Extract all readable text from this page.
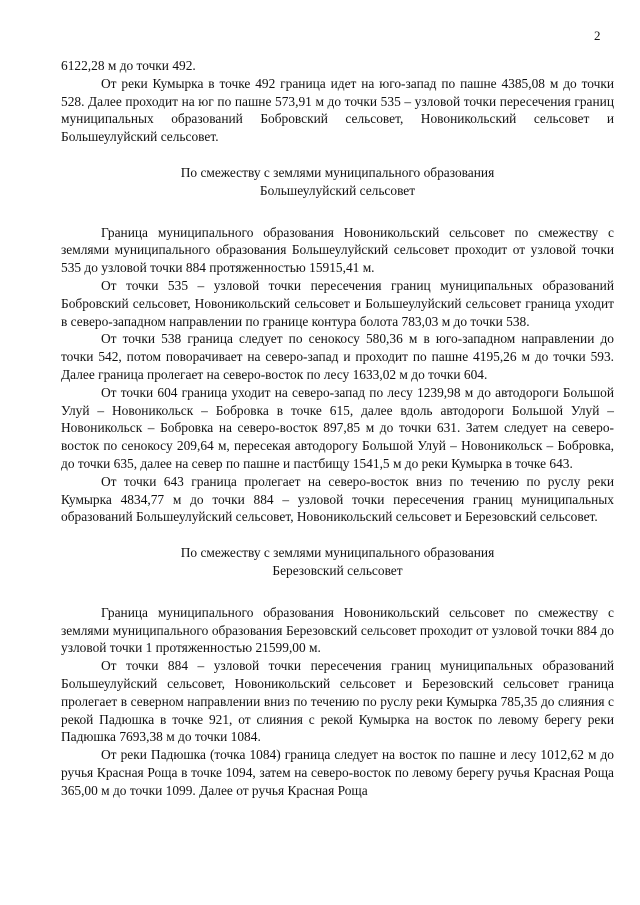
2

6122,28 м до точки 492.

От реки Кумырка в точке 492 граница идет на юго-запад по пашне 4385,08 м до точки 528. Далее проходит на юг по пашне 573,91 м до точки 535 – узловой точки пересечения границ муниципальных образований Бобровский сельсовет, Новоникольский сельсовет и Большеулуйский сельсовет.

По смежеству с землями муниципального образования
Большеулуйский сельсовет

Граница муниципального образования Новоникольский сельсовет по смежеству с землями муниципального образования Большеулуйский сельсовет проходит от узловой точки 535 до узловой точки 884 протяженностью 15915,41 м.

От точки 535 – узловой точки пересечения границ муниципальных образований Бобровский сельсовет, Новоникольский сельсовет и Большеулуйский сельсовет граница уходит в северо-западном направлении по границе контура болота 783,03 м до точки 538.

От точки 538 граница следует по сенокосу 580,36 м в юго-западном направлении до точки 542, потом поворачивает на северо-запад и проходит по пашне 4195,26 м до точки 593. Далее граница пролегает на северо-восток по лесу 1633,02 м до точки 604.

От точки 604 граница уходит на северо-запад по лесу 1239,98 м до автодороги Большой Улуй – Новоникольск – Бобровка в точке 615, далее вдоль автодороги Большой Улуй – Новоникольск – Бобровка на северо-восток 897,85 м до точки 631. Затем следует на северо-восток по сенокосу 209,64 м, пересекая автодорогу Большой Улуй – Новоникольск – Бобровка, до точки 635, далее на север по пашне и пастбищу 1541,5 м до реки Кумырка в точке 643.

От точки 643 граница пролегает на северо-восток вниз по течению по руслу реки Кумырка 4834,77 м до точки 884 – узловой точки пересечения границ муниципальных образований Большеулуйский сельсовет, Новоникольский сельсовет и Березовский сельсовет.

По смежеству с землями муниципального образования
Березовский сельсовет

Граница муниципального образования Новоникольский сельсовет по смежеству с землями муниципального образования Березовский сельсовет проходит от узловой точки 884 до узловой точки 1 протяженностью 21599,00 м.

От точки 884 – узловой точки пересечения границ муниципальных образований Большеулуйский сельсовет, Новоникольский сельсовет и Березовский сельсовет граница пролегает в северном направлении вниз по течению по руслу реки Кумырка 785,35 до слияния с рекой Падюшка в точке 921, от слияния с рекой Кумырка на восток по левому берегу реки Падюшка 7693,38 м до точки 1084.

От реки Падюшка (точка 1084) граница следует на восток по пашне и лесу 1012,62 м до ручья Красная Роща в точке 1094, затем на северо-восток по левому берегу ручья Красная Роща 365,00 м до точки 1099. Далее от ручья Красная Роща
